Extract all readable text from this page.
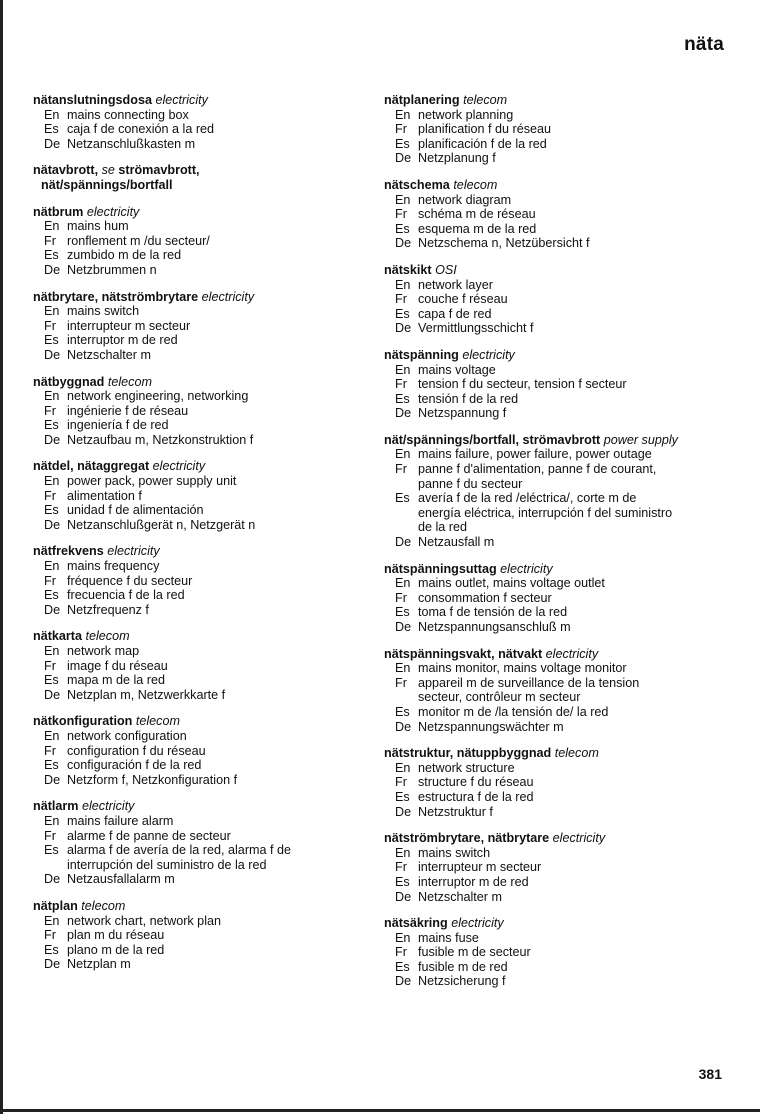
näta
nätanslutningsdosa electricity
En mains connecting box
Es caja f de conexión a la red
De Netzanschlußkasten m
nätavbrott, se strömavbrott,
nät/spännings/bortfall
nätbrum electricity
En mains hum
Fr ronflement m /du secteur/
Es zumbido m de la red
De Netzbrummen n
nätbrytare, nätströmbrytare electricity
En mains switch
Fr interrupteur m secteur
Es interruptor m de red
De Netzschalter m
nätbyggnad telecom
En network engineering, networking
Fr ingénierie f de réseau
Es ingeniería f de red
De Netzaufbau m, Netzkonstruktion f
nätdel, nätaggregat electricity
En power pack, power supply unit
Fr alimentation f
Es unidad f de alimentación
De Netzanschlußgerät n, Netzgerät n
nätfrekvens electricity
En mains frequency
Fr fréquence f du secteur
Es frecuencia f de la red
De Netzfrequenz f
nätkarta telecom
En network map
Fr image f du réseau
Es mapa m de la red
De Netzplan m, Netzwerkkarte f
nätkonfiguration telecom
En network configuration
Fr configuration f du réseau
Es configuración f de la red
De Netzform f, Netzkonfiguration f
nätlarm electricity
En mains failure alarm
Fr alarme f de panne de secteur
Es alarma f de avería de la red, alarma f de
interrupción del suministro de la red
De Netzausfallalarm m
nätplan telecom
En network chart, network plan
Fr plan m du réseau
Es plano m de la red
De Netzplan m
nätplanering telecom
En network planning
Fr planification f du réseau
Es planificación f de la red
De Netzplanung f
nätschema telecom
En network diagram
Fr schéma m de réseau
Es esquema m de la red
De Netzschema n, Netzübersicht f
nätskikt OSI
En network layer
Fr couche f réseau
Es capa f de red
De Vermittlungsschicht f
nätspänning electricity
En mains voltage
Fr tension f du secteur, tension f secteur
Es tensión f de la red
De Netzspannung f
nät/spännings/bortfall, strömavbrott power supply
En mains failure, power failure, power outage
Fr panne f d'alimentation, panne f de courant,
panne f du secteur
Es avería f de la red /eléctrica/, corte m de
energía eléctrica, interrupción f del suministro
de la red
De Netzausfall m
nätspänningsuttag electricity
En mains outlet, mains voltage outlet
Fr consommation f secteur
Es toma f de tensión de la red
De Netzspannungsanschluß m
nätspänningsvakt, nätvakt electricity
En mains monitor, mains voltage monitor
Fr appareil m de surveillance de la tension
secteur, contrôleur m secteur
Es monitor m de /la tensión de/ la red
De Netzspannungswächter m
nätstruktur, nätuppbyggnad telecom
En network structure
Fr structure f du réseau
Es estructura f de la red
De Netzstruktur f
nätströmbrytare, nätbrytare electricity
En mains switch
Fr interrupteur m secteur
Es interruptor m de red
De Netzschalter m
nätsäkring electricity
En mains fuse
Fr fusible m de secteur
Es fusible m de red
De Netzsicherung f
381
